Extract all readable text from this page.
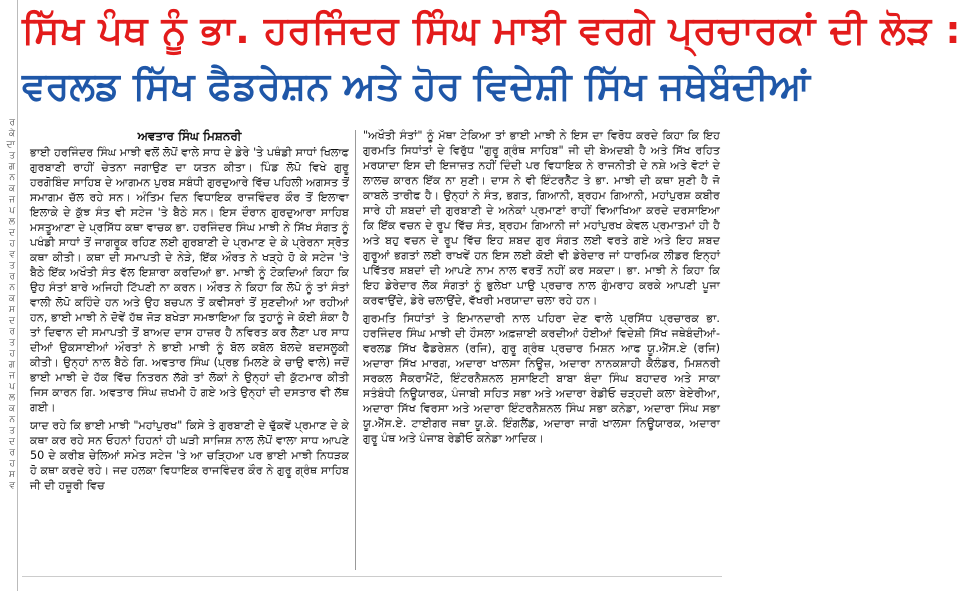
ਰ
ਕੇ
ਦਾ
ਤ
ਗ
ਨ
ਕ
ਜ
ਪ
ਲ
ਦ
ਹ
ਵ
ਤ
ਰ
ਨ
ਕ
ਸ
ਦ
ਰ
ਤ
ਹ
ਗ
ਜ
ਪ
ਲ
ਕ
ਨ
ਤ
ਦ
ਰ
ਹ
ਸ
ਵ
ਸਿੱਖ ਪੰਥ ਨੂੰ ਭਾ. ਹਰਜਿੰਦਰ ਸਿੰਘ ਮਾਝੀ ਵਰਗੇ ਪ੍ਰਚਾਰਕਾਂ ਦੀ ਲੋੜ :
ਵਰਲਡ ਸਿੱਖ ਫੈਡਰੇਸ਼ਨ ਅਤੇ ਹੋਰ ਵਿਦੇਸ਼ੀ ਸਿੱਖ ਜਥੇਬੰਦੀਆਂ
ਅਵਤਾਰ ਸਿੰਘ ਮਿਸ਼ਨਰੀ

ਭਾਈ ਹਰਜਿੰਦਰ ਸਿੰਘ ਮਾਝੀ ਵਲੋਂ ਲੋਪੋਂ ਵਾਲੇ ਸਾਧ ਦੇ ਡੇਰੇ 'ਤੇ ਪਥੰਡੀ ਸਾਧਾਂ ਖਿਲਾਫ ਗੁਰਬਾਣੀ ਰਾਹੀਂ ਚੇਤਨਾ ਜਗਾਉਣ ਦਾ ਯਤਨ ਕੀਤਾ। ਪਿੰਡ ਲੋਪੋ ਵਿਖੇ ਗੁਰੂ ਹਰਗੋਬਿੰਦ ਸਾਹਿਬ ਦੇ ਆਗਮਨ ਪੁਰਬ ਸਬੰਧੀ ਗੁਰਦੁਆਰੇ ਵਿੱਚ ਪਹਿਲੀ ਅਗਸਤ ਤੋਂ ਸਮਾਗਮ ਚੱਲ ਰਹੇ ਸਨ। ਅੰਤਿਮ ਦਿਨ ਵਿਧਾਇਕ ਰਾਜਵਿੰਦਰ ਕੌਰ ਤੋਂ ਇਲਾਵਾ ਇਲਾਕੇ ਦੇ ਕੁੱਝ ਸੰਤ ਵੀ ਸਟੇਜ 'ਤੇ ਬੈਠੇ ਸਨ। ਇਸ ਦੌਰਾਨ ਗੁਰਦੁਆਰਾ ਸਾਹਿਬ ਮਸਤੂਆਣਾ ਦੇ ਪ੍ਰਸਿੱਧ ਕਥਾ ਵਾਚਕ ਭਾ. ਹਰਜਿੰਦਰ ਸਿੰਘ ਮਾਝੀ ਨੇ ਸਿੱਖ ਸੰਗਤ ਨੂੰ ਪਖੰਡੀ ਸਾਧਾਂ ਤੋਂ ਜਾਗਰੂਕ ਰਹਿਣ ਲਈ ਗੁਰਬਾਣੀ ਦੇ ਪ੍ਰਮਾਣ ਦੇ ਕੇ ਪ੍ਰੇਰਨਾ ਸ੍ਰੋਤ ਕਥਾ ਕੀਤੀ। ਕਥਾ ਦੀ ਸਮਾਪਤੀ ਦੇ ਨੇੜੇ, ਇੱਕ ਔਰਤ ਨੇ ਖੜ੍ਹੇ ਹੋ ਕੇ ਸਟੇਜ 'ਤੇ ਬੈਠੇ ਇੱਕ ਅਖੌਤੀ ਸੰਤ ਵੱਲ ਇਸ਼ਾਰਾ ਕਰਦਿਆਂ ਭਾ. ਮਾਝੀ ਨੂੰ ਟੋਕਦਿਆਂ ਕਿਹਾ ਕਿ ਉਹ ਸੰਤਾਂ ਬਾਰੇ ਅਜਿਹੀ ਟਿੱਪਣੀ ਨਾ ਕਰਨ। ਔਰਤ ਨੇ ਕਿਹਾ ਕਿ ਲੋਪੋ ਨੂੰ ਤਾਂ ਸੰਤਾਂ ਵਾਲੀ ਲੋਪੋ ਕਹਿੰਦੇ ਹਨ ਅਤੇ ਉਹ ਬਚਪਨ ਤੋਂ ਕਵੀਸਰਾਂ ਤੋਂ ਸੁਣਦੀਆਂ ਆ ਰਹੀਆਂ ਹਨ, ਭਾਈ ਮਾਝੀ ਨੇ ਦੋਵੇਂ ਹੱਥ ਜੋੜ ਬਖੇੜਾ ਸਮਝਾਇਆ ਕਿ ਤੁਹਾਨੂੰ ਜੇ ਕੋਈ ਸ਼ੰਕਾ ਹੈ ਤਾਂ ਦਿਵਾਨ ਦੀ ਸਮਾਪਤੀ ਤੋਂ ਬਾਅਦ ਦਾਸ ਹਾਜ਼ਰ ਹੈ ਨਵਿਰਤ ਕਰ ਲੈਣਾ ਪਰ ਸਾਧ ਦੀਆਂ ਉਕਸਾਈਆਂ ਔਰਤਾਂ ਨੇ ਭਾਈ ਮਾਝੀ ਨੂੰ ਬੋਲ ਕਬੋਲ ਬੋਲਦੇ ਬਦਸਲੂਕੀ ਕੀਤੀ। ਉਨ੍ਹਾਂ ਨਾਲ ਬੈਠੇ ਗਿ. ਅਵਤਾਰ ਸਿੰਘ (ਪ੍ਰਭ ਮਿਲਣੇ ਕੇ ਚਾਉ ਵਾਲੇ) ਜਦੋਂ ਭਾਈ ਮਾਝੀ ਦੇ ਹੱਕ ਵਿੱਚ ਨਿਤਰਨ ਲੱਗੇ ਤਾਂ ਲੋਕਾਂ ਨੇ ਉਨ੍ਹਾਂ ਦੀ ਕੁੱਟਮਾਰ ਕੀਤੀ ਜਿਸ ਕਾਰਨ ਗਿ. ਅਵਤਾਰ ਸਿੰਘ ਜ਼ਖਮੀ ਹੋ ਗਏ ਅਤੇ ਉਨ੍ਹਾਂ ਦੀ ਦਸਤਾਰ ਵੀ ਲੱਥ ਗਈ।

ਯਾਦ ਰਹੇ ਕਿ ਭਾਈ ਮਾਝੀ "ਮਹਾਂਪੁਰਖ" ਕਿਸੇ ਤੇ ਗੁਰਬਾਣੀ ਦੇ ਢੁੱਕਵੇਂ ਪ੍ਰਮਾਣ ਦੇ ਕੇ ਕਥਾ ਕਰ ਰਹੇ ਸਨ ਓਹਨਾਂ ਹਿਹਨਾਂ ਹੀ ਘੜੀ ਸਾਜਿਸ਼ ਨਾਲ ਲੋਪੋਂ ਵਾਲਾ ਸਾਧ ਆਪਣੇ 50 ਦੇ ਕਰੀਬ ਚੇਲਿਆਂ ਸਮੇਤ ਸਟੇਜ 'ਤੇ ਆ ਚੜ੍ਹਿਆ ਪਰ ਭਾਈ ਮਾਝੀ ਨਿਧੜਕ ਹੋ ਕਥਾ ਕਰਦੇ ਰਹੇ। ਜਦ ਹਲਕਾ ਵਿਧਾਇਕ ਰਾਜਵਿੰਦਰ ਕੌਰ ਨੇ ਗੁਰੂ ਗ੍ਰੰਥ ਸਾਹਿਬ ਜੀ ਦੀ ਹਜ਼ੂਰੀ ਵਿਚ

"ਅਖੌਤੀ ਸੰਤਾਂ" ਨੂੰ ਮੱਥਾ ਟੇਕਿਆ ਤਾਂ ਭਾਈ ਮਾਝੀ ਨੇ ਇਸ ਦਾ ਵਿਰੋਧ ਕਰਦੇ ਕਿਹਾ ਕਿ ਇਹ ਗੁਰਮਤਿ ਸਿਧਾਂਤਾਂ ਦੇ ਵਿਰੁੱਧ "ਗੁਰੂ ਗ੍ਰੰਥ ਸਾਹਿਬ" ਜੀ ਦੀ ਬੇਅਦਬੀ ਹੈ ਅਤੇ ਸਿੱਖ ਰਹਿਤ ਮਰਯਾਦਾ ਇਸ ਦੀ ਇਜਾਜ਼ਤ ਨਹੀਂ ਦਿੰਦੀ ਪਰ ਵਿਧਾਇਕ ਨੇ ਰਾਜਨੀਤੀ ਦੇ ਨਸ਼ੇ ਅਤੇ ਵੋਟਾਂ ਦੇ ਲਾਲਚ ਕਾਰਨ ਇੱਕ ਨਾ ਸੁਣੀ। ਦਾਸ ਨੇ ਵੀ ਇੰਟਰਨੈੱਟ ਤੇ ਭਾ. ਮਾਝੀ ਦੀ ਕਥਾ ਸੁਣੀ ਹੈ ਜੋ ਕਾਬਲੇ ਤਾਰੀਫ ਹੈ। ਉਨ੍ਹਾਂ ਨੇ ਸੰਤ, ਭਗਤ, ਗਿਆਨੀ, ਬ੍ਰਹਮ ਗਿਆਨੀ, ਮਹਾਂਪੁਰਸ਼ ਕਬੀਰ ਸਾਰੇ ਹੀ ਸ਼ਬਦਾਂ ਦੀ ਗੁਰਬਾਣੀ ਦੇ ਅਨੇਕਾਂ ਪ੍ਰਮਾਣਾਂ ਰਾਹੀਂ ਵਿਆਖਿਆ ਕਰਦੇ ਦਰਸਾਇਆ ਕਿ ਇੱਕ ਵਚਨ ਦੇ ਰੂਪ ਵਿੱਚ ਸੰਤ, ਬ੍ਰਹਮ ਗਿਆਨੀ ਜਾਂ ਮਹਾਂਪੁਰਖ ਕੇਵਲ ਪ੍ਰਮਾਤਮਾਂ ਹੀ ਹੈ ਅਤੇ ਬਹੁ ਵਚਨ ਦੇ ਰੂਪ ਵਿੱਚ ਇਹ ਸ਼ਬਦ ਗੁਰ ਸੰਗਤ ਲਈ ਵਰਤੇ ਗਏ ਅਤੇ ਇਹ ਸ਼ਬਦ ਗੁਰੂਆਂ ਭਗਤਾਂ ਲਈ ਰਾਖਵੇਂ ਹਨ ਇਸ ਲਈ ਕੋਈ ਵੀ ਡੇਰੇਦਾਰ ਜਾਂ ਧਾਰਮਿਕ ਲੀਡਰ ਇਨ੍ਹਾਂ ਪਵਿੱਤਰ ਸ਼ਬਦਾਂ ਦੀ ਆਪਣੇ ਨਾਮ ਨਾਲ ਵਰਤੋਂ ਨਹੀਂ ਕਰ ਸਕਦਾ। ਭਾ. ਮਾਝੀ ਨੇ ਕਿਹਾ ਕਿ ਇਹ ਡੇਰੇਦਾਰ ਲੋਕ ਸੰਗਤਾਂ ਨੂੰ ਭੁਲੇਖਾ ਪਾਉ ਪ੍ਰਚਾਰ ਨਾਲ ਗੁੰਮਰਾਹ ਕਰਕੇ ਆਪਣੀ ਪੂਜਾ ਕਰਵਾਉਂਦੇ, ਡੇਰੇ ਚਲਾਉਂਦੇ, ਵੱਖਰੀ ਮਰਯਾਦਾ ਚਲਾ ਰਹੇ ਹਨ।

ਗੁਰਮਤਿ ਸਿਧਾਂਤਾਂ ਤੇ ਇਮਾਨਦਾਰੀ ਨਾਲ ਪਹਿਰਾ ਦੇਣ ਵਾਲੇ ਪ੍ਰਸਿੱਧ ਪ੍ਰਚਾਰਕ ਭਾ. ਹਰਜਿੰਦਰ ਸਿੰਘ ਮਾਝੀ ਦੀ ਹੌਸਲਾ ਅਫ਼ਜ਼ਾਈ ਕਰਦੀਆਂ ਹੋਈਆਂ ਵਿਦੇਸ਼ੀ ਸਿੱਖ ਜਥੇਬੰਦੀਆਂ- ਵਰਲਡ ਸਿੱਖ ਫੈਡਰੇਸ਼ਨ (ਰਜਿ), ਗੁਰੂ ਗ੍ਰੰਥ ਪ੍ਰਚਾਰ ਮਿਸ਼ਨ ਆਫ ਯੂ.ਐੱਸ.ਏ (ਰਜਿ) ਅਦਾਰਾ ਸਿੱਖ ਮਾਰਗ, ਅਦਾਰਾ ਖਾਲਸਾ ਨਿਊਜ਼, ਅਦਾਰਾ ਨਾਨਕਸ਼ਾਹੀ ਕੈਲੰਡਰ, ਮਿਸ਼ਨਰੀ ਸਰਕਲ ਸੈਕਰਾਮੈਂਟੋ, ਇੰਟਰਨੈਸ਼ਨਲ ਸੁਸਾਇਟੀ ਬਾਬਾ ਬੰਦਾ ਸਿੰਘ ਬਹਾਦਰ ਅਤੇ ਸਾਕਾ ਸਤੰਬੰਧੀ ਨਿਊਯਾਰਕ, ਪੰਜਾਬੀ ਸਹਿਤ ਸਭਾ ਅਤੇ ਅਦਾਰਾ ਰੇਡੀਓ ਚੜ੍ਹਦੀ ਕਲਾ ਬੇਏਰੀਆ, ਅਦਾਰਾ ਸਿੱਖ ਵਿਰਸਾ ਅਤੇ ਅਦਾਰਾ ਇੰਟਰਨੈਸ਼ਨਲ ਸਿੰਘ ਸਭਾ ਕਨੇਡਾ, ਅਦਾਰਾ ਸਿੰਘ ਸਭਾ ਯੂ.ਐੱਸ.ਏ. ਟਾਈਗਰ ਜਥਾ ਯੂ.ਕੇ. ਇੰਗਲੈਂਡ, ਅਦਾਰਾ ਜਾਗੋ ਖਾਲਸਾ ਨਿਊਯਾਰਕ, ਅਦਾਰਾ ਗੁਰੂ ਪੰਥ ਅਤੇ ਪੰਜਾਬ ਰੇਡੀਓ ਕਨੇਡਾ ਆਦਿਕ।
